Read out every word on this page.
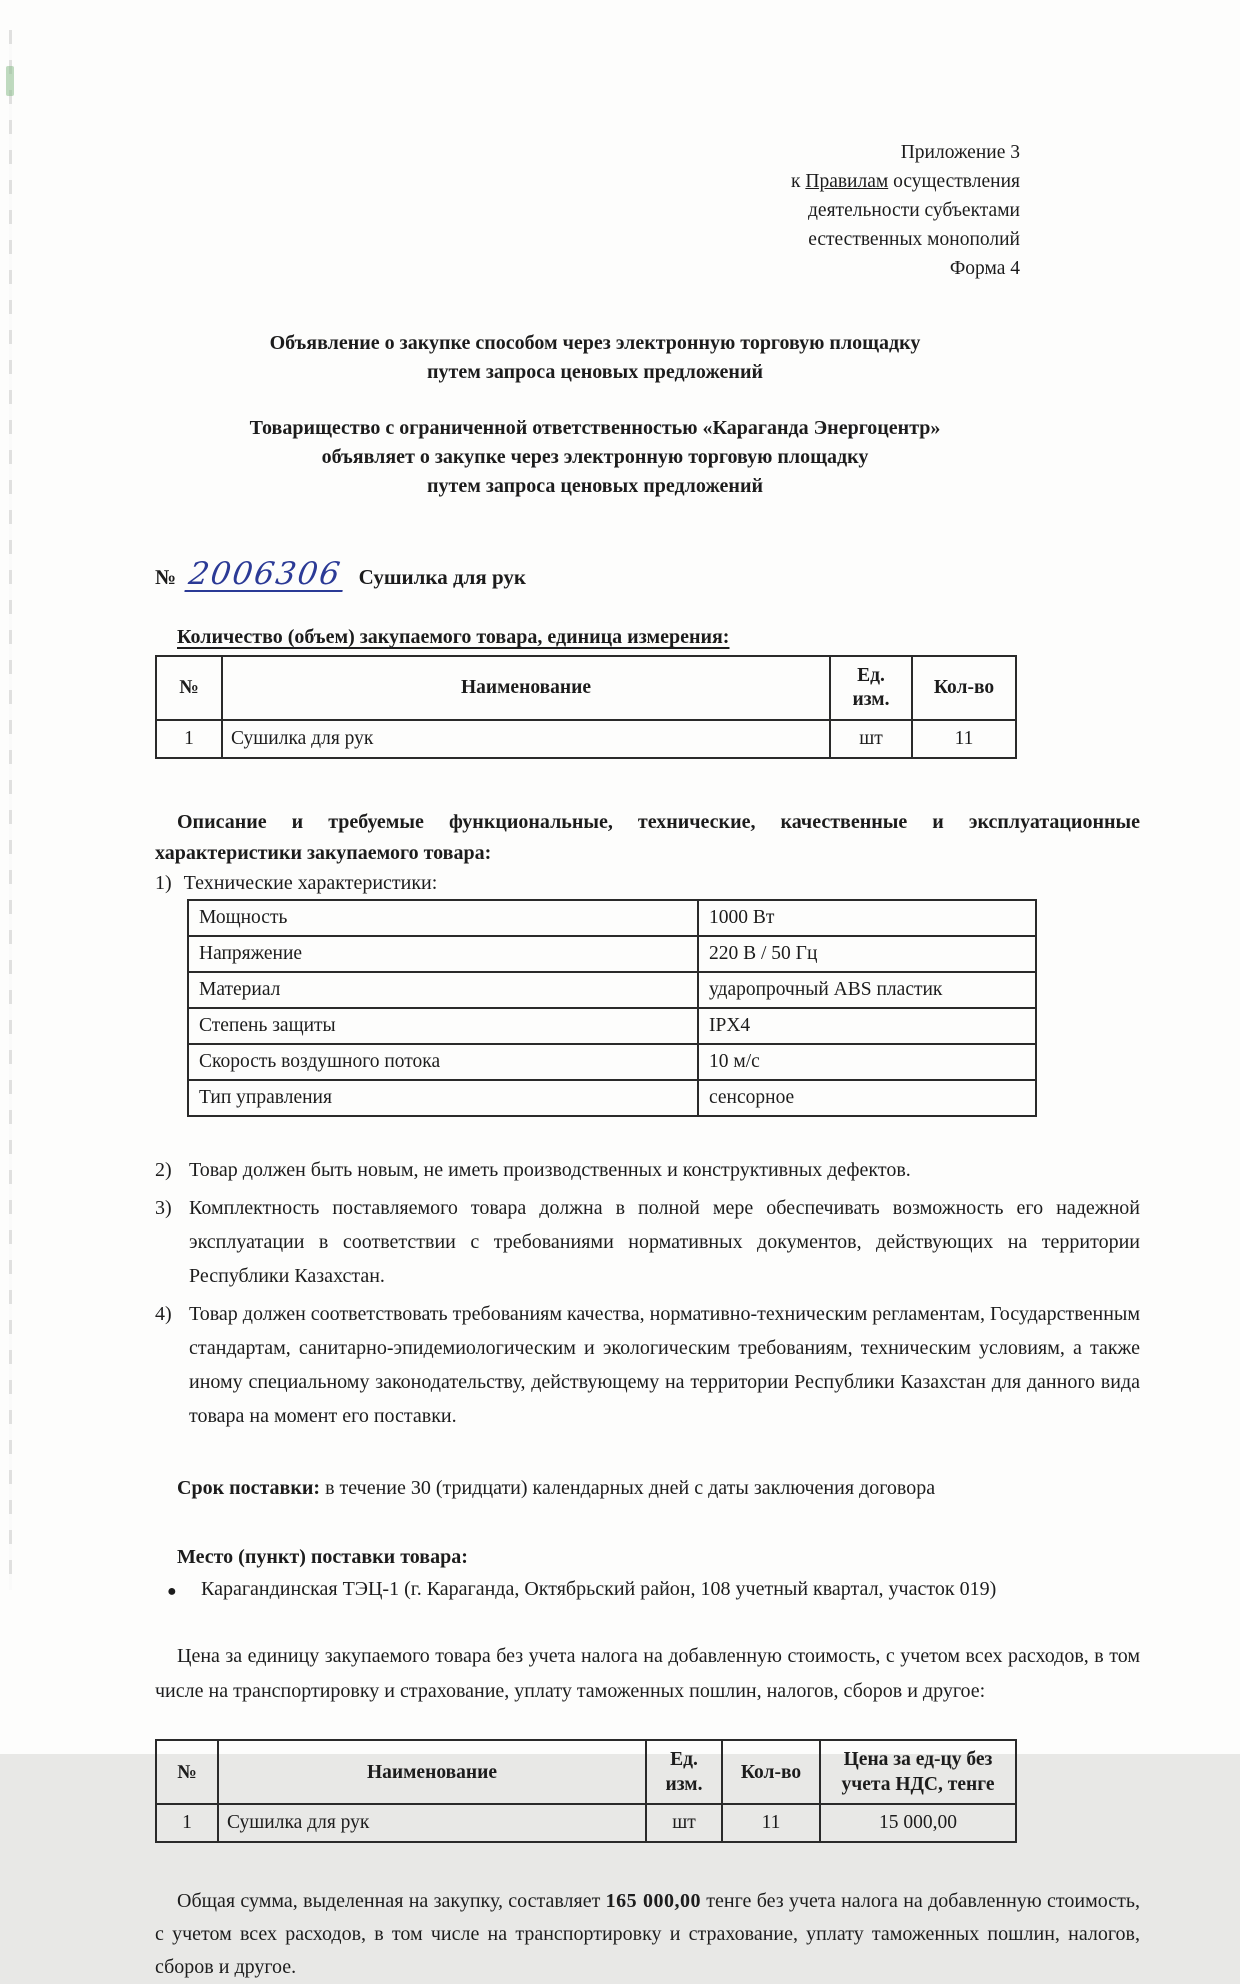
Приложение 3
к Правилам осуществления
деятельности субъектами
естественных монополий
Форма 4
Объявление о закупке способом через электронную торговую площадку
путем запроса ценовых предложений
Товарищество с ограниченной ответственностью «Караганда Энергоцентр»
объявляет о закупке через электронную торговую площадку
путем запроса ценовых предложений
№ 2006306 Сушилка для рук
Количество (объем) закупаемого товара, единица измерения:
№	Наименование	Ед. изм.	Кол-во
1	Сушилка для рук	шт	11
Описание и требуемые функциональные, технические, качественные и эксплуатационные характеристики закупаемого товара:
1) Технические характеристики:
Мощность	1000 Вт
Напряжение	220 В / 50 Гц
Материал	ударопрочный ABS пластик
Степень защиты	IPX4
Скорость воздушного потока	10 м/с
Тип управления	сенсорное
2) Товар должен быть новым, не иметь производственных и конструктивных дефектов.
3) Комплектность поставляемого товара должна в полной мере обеспечивать возможность его надежной эксплуатации в соответствии с требованиями нормативных документов, действующих на территории Республики Казахстан.
4) Товар должен соответствовать требованиям качества, нормативно-техническим регламентам, Государственным стандартам, санитарно-эпидемиологическим и экологическим требованиям, техническим условиям, а также иному специальному законодательству, действующему на территории Республики Казахстан для данного вида товара на момент его поставки.
Срок поставки: в течение 30 (тридцати) календарных дней с даты заключения договора
Место (пункт) поставки товара:
●	Карагандинская ТЭЦ-1 (г. Караганда, Октябрьский район, 108 учетный квартал, участок 019)
Цена за единицу закупаемого товара без учета налога на добавленную стоимость, с учетом всех расходов, в том числе на транспортировку и страхование, уплату таможенных пошлин, налогов, сборов и другое:
№	Наименование	Ед. изм.	Кол-во	Цена за ед-цу без учета НДС, тенге
1	Сушилка для рук	шт	11	15 000,00
Общая сумма, выделенная на закупку, составляет 165 000,00 тенге без учета налога на добавленную стоимость, с учетом всех расходов, в том числе на транспортировку и страхование, уплату таможенных пошлин, налогов, сборов и другое.
